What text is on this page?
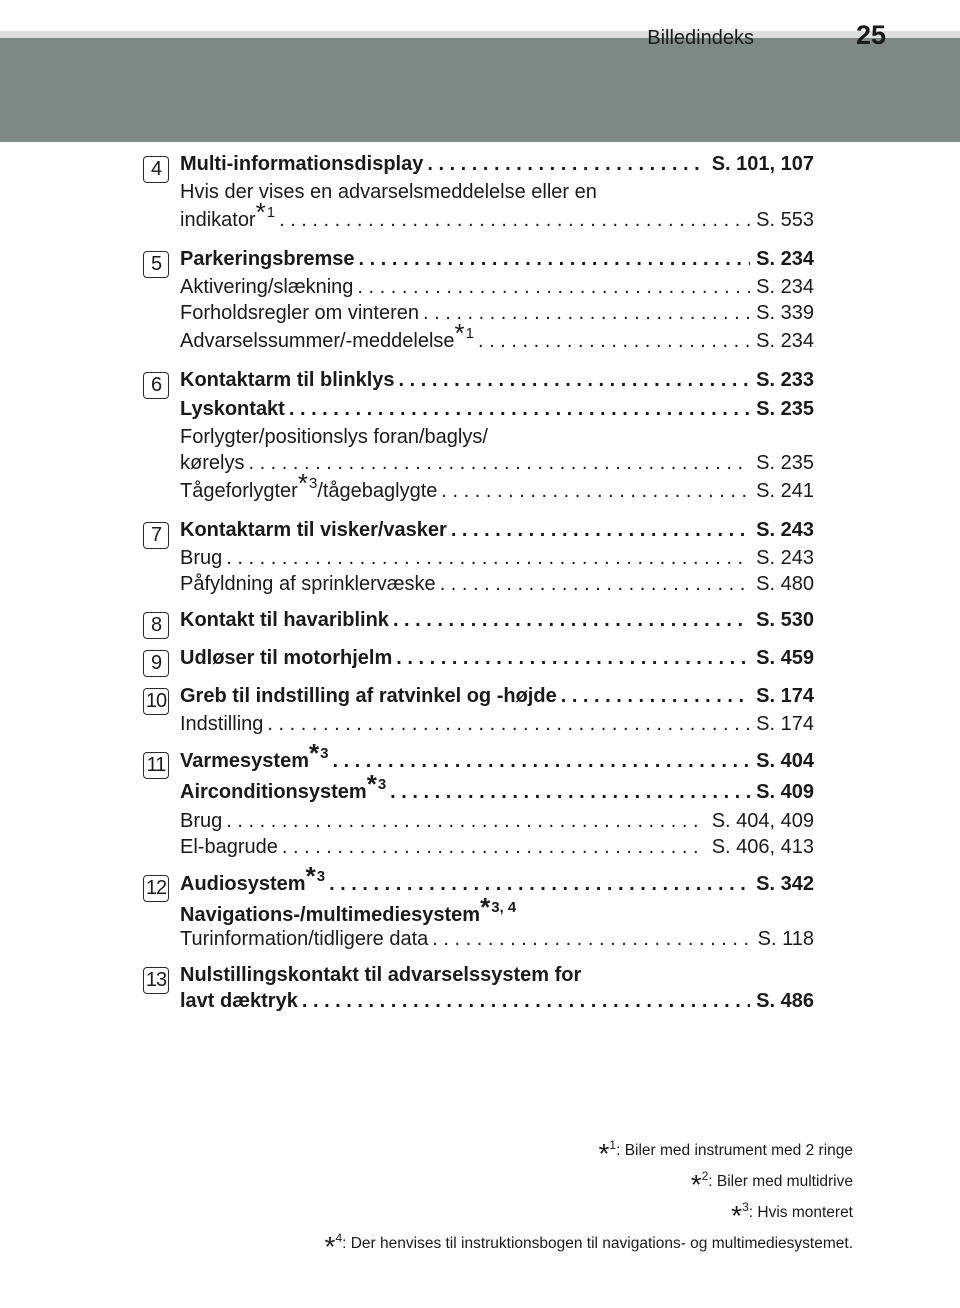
Billedindeks	25
4 Multi-informationsdisplay . . .	S. 101, 107
Hvis der vises en advarselsmeddelelse eller en
indikator$^{*1}$ . . .	S. 553
5 Parkeringsbremse . . .	S. 234
Aktivering/slækning . . .	S. 234
Forholdsregler om vinteren . . .	S. 339
Advarselssummer/-meddelelse$^{*1}$ . . .	S. 234
6 Kontaktarm til blinklys . . .	S. 233
Lyskontakt . . .	S. 235
Forlygter/positionslys foran/baglys/
kørelys . . .	S. 235
Tågeforlygter$^{*3}$/tågebaglygte . . .	S. 241
7 Kontaktarm til visker/vasker . . .	S. 243
Brug . . .	S. 243
Påfyldning af sprinklervæske . . .	S. 480
8 Kontakt til havariblink . . .	S. 530
9 Udløser til motorhjelm . . .	S. 459
10 Greb til indstilling af ratvinkel og -højde . . .	S. 174
Indstilling . . .	S. 174
11 Varmesystem$^{*3}$ . . .	S. 404
Airconditionsystem$^{*3}$ . . .	S. 409
Brug . . .	S. 404, 409
El-bagrude . . .	S. 406, 413
12 Audiosystem$^{*3}$ . . .	S. 342
Navigations-/multimediesystem$^{*3, 4}$
Turinformation/tidligere data . . .	S. 118
13 Nulstillingskontakt til advarselssystem for
lavt dæktryk . . .	S. 486
*$^1$: Biler med instrument med 2 ringe
*$^2$: Biler med multidrive
*$^3$: Hvis monteret
*$^4$: Der henvises til instruktionsbogen til navigations- og multimediesystemet.
